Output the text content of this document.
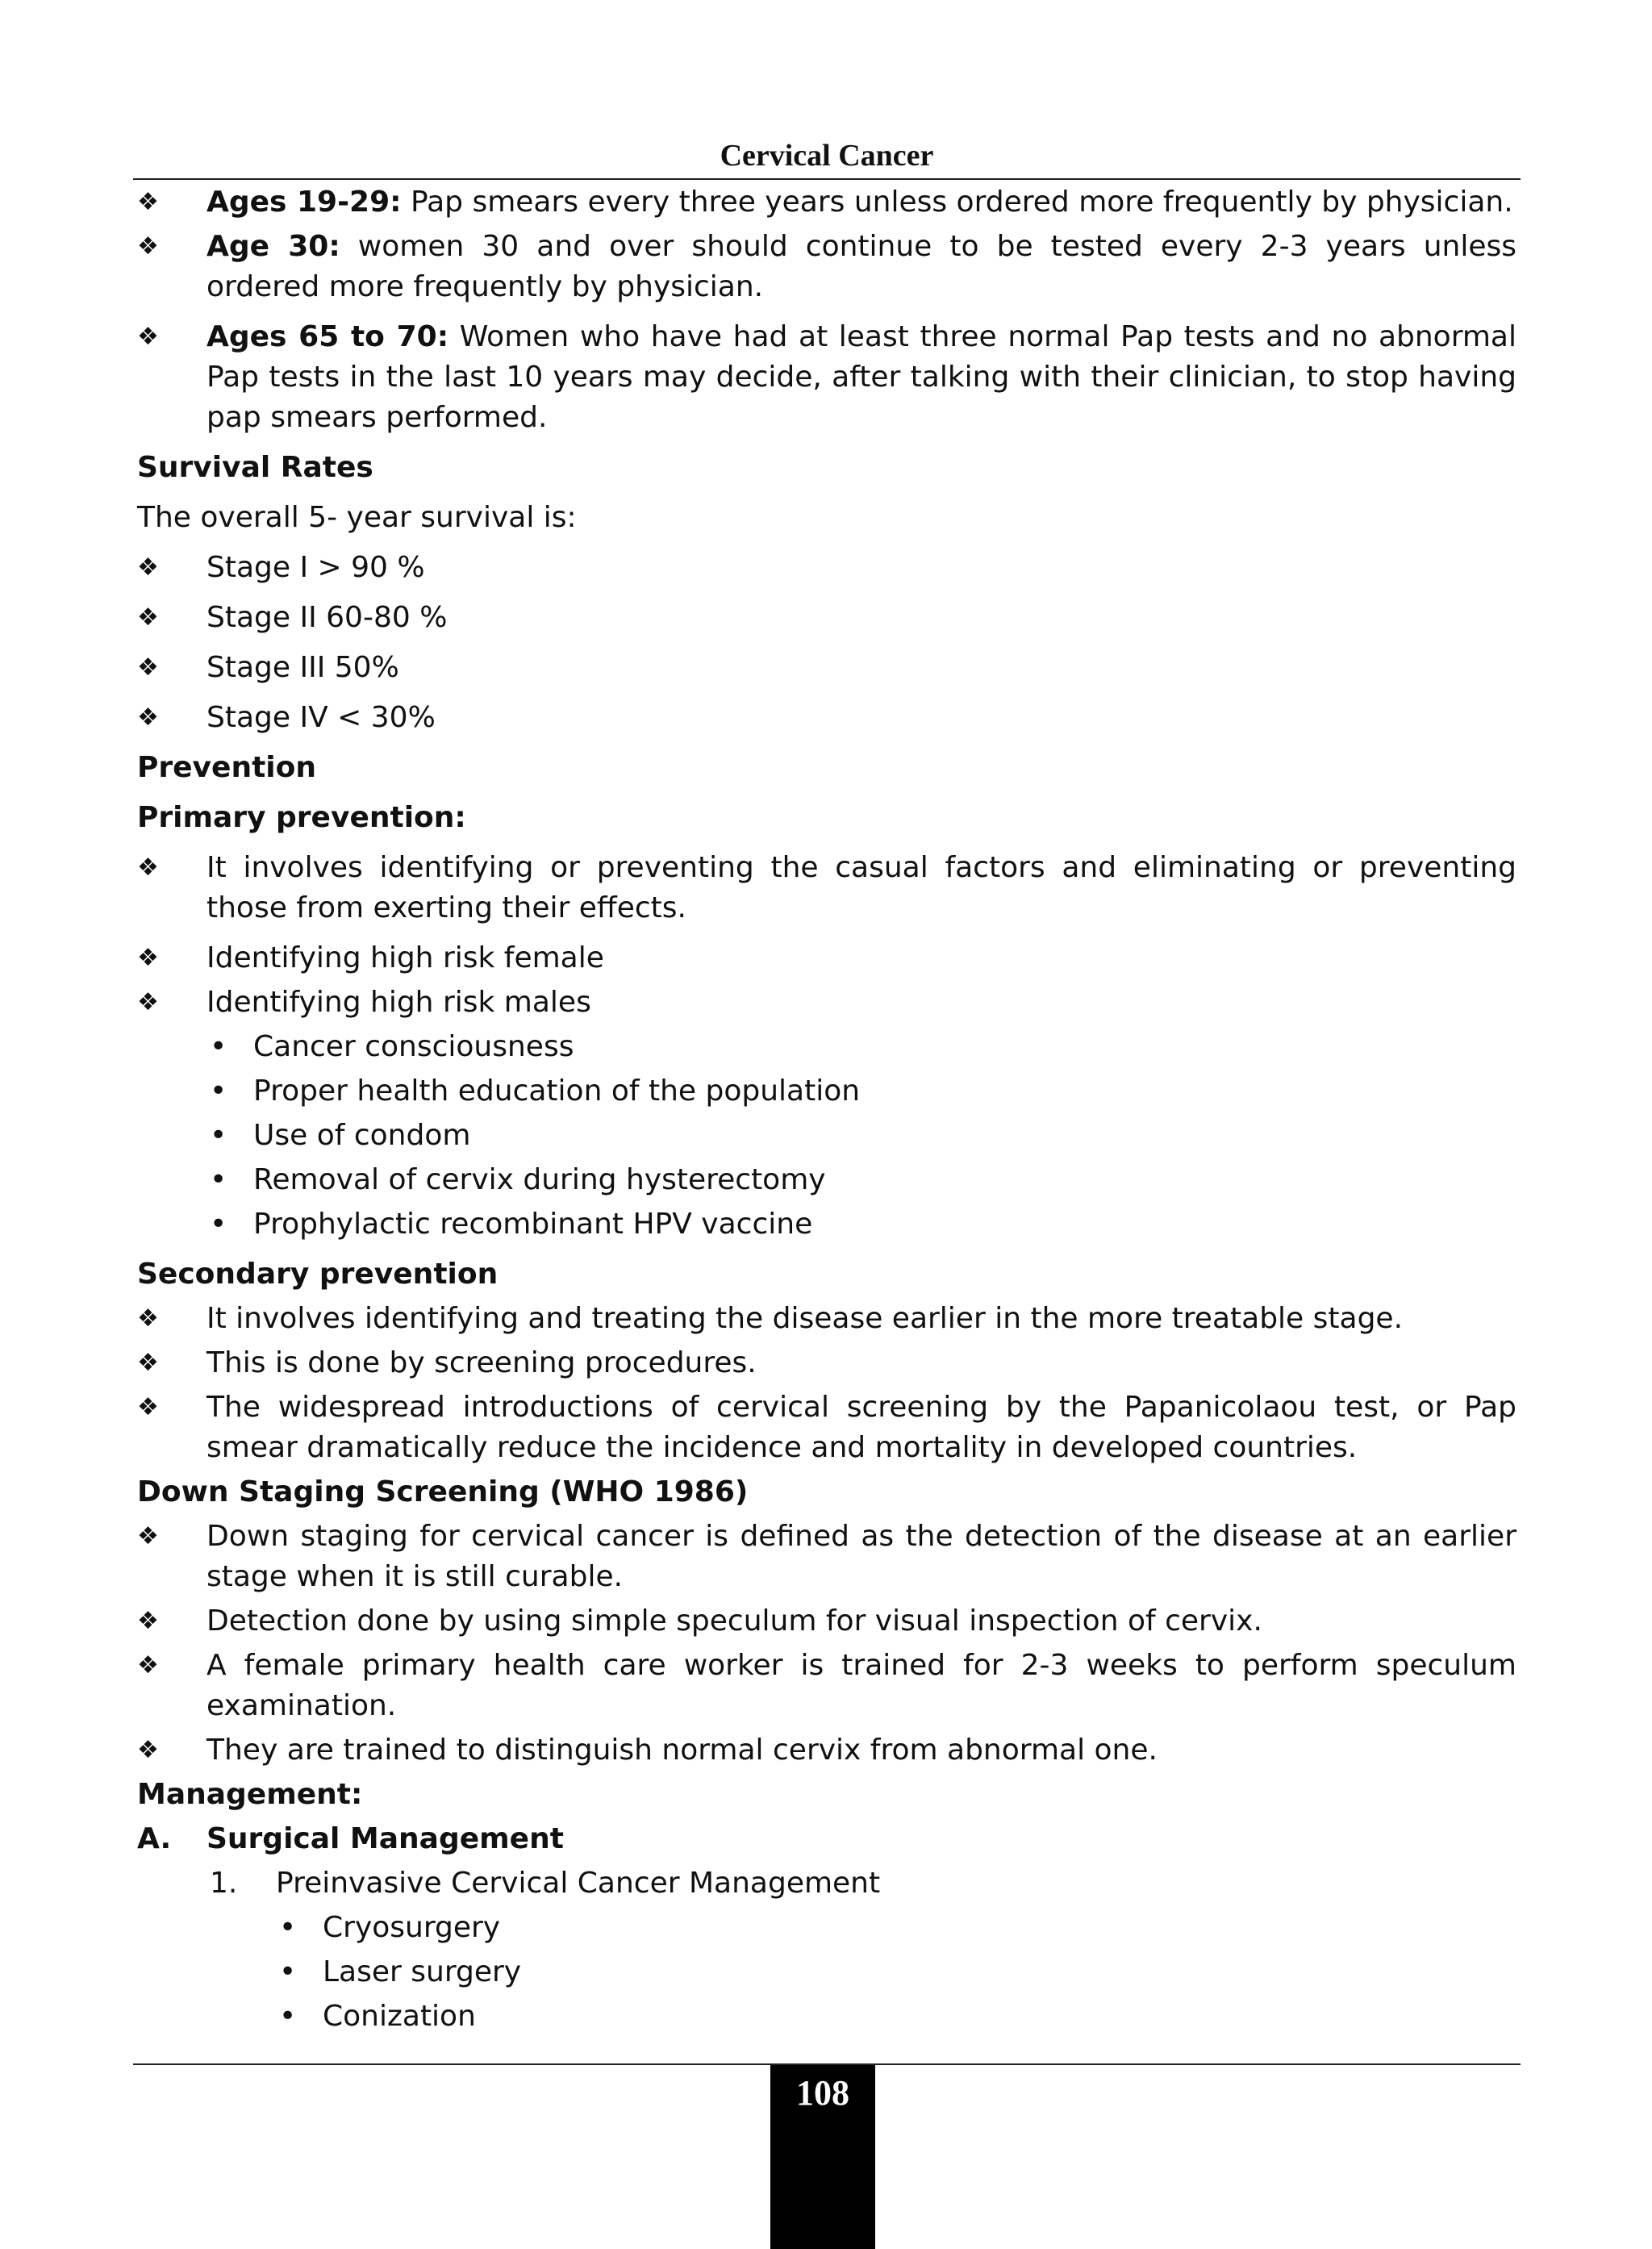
Cervical Cancer
❖	Ages 19-29: Pap smears every three years unless ordered more frequently by physician.
❖	Age 30: women 30 and over should continue to be tested every 2-3 years unless ordered more frequently by physician.
❖	Ages 65 to 70: Women who have had at least three normal Pap tests and no abnormal Pap tests in the last 10 years may decide, after talking with their clinician, to stop having pap smears performed.
Survival Rates
The overall 5- year survival is:
❖	Stage I > 90 %
❖	Stage II 60-80 %
❖	Stage III 50%
❖	Stage IV < 30%
Prevention
Primary prevention:
❖	It involves identifying or preventing the casual factors and eliminating or preventing those from exerting their effects.
❖	Identifying high risk female
❖	Identifying high risk males
• Cancer consciousness
• Proper health education of the population
• Use of condom
• Removal of cervix during hysterectomy
• Prophylactic recombinant HPV vaccine
Secondary prevention
❖	It involves identifying and treating the disease earlier in the more treatable stage.
❖	This is done by screening procedures.
❖	The widespread introductions of cervical screening by the Papanicolaou test, or Pap smear dramatically reduce the incidence and mortality in developed countries.
Down Staging Screening (WHO 1986)
❖	Down staging for cervical cancer is defined as the detection of the disease at an earlier stage when it is still curable.
❖	Detection done by using simple speculum for visual inspection of cervix.
❖	A female primary health care worker is trained for 2-3 weeks to perform speculum examination.
❖	They are trained to distinguish normal cervix from abnormal one.
Management:
A. Surgical Management
1. Preinvasive Cervical Cancer Management
• Cryosurgery
• Laser surgery
• Conization
108
